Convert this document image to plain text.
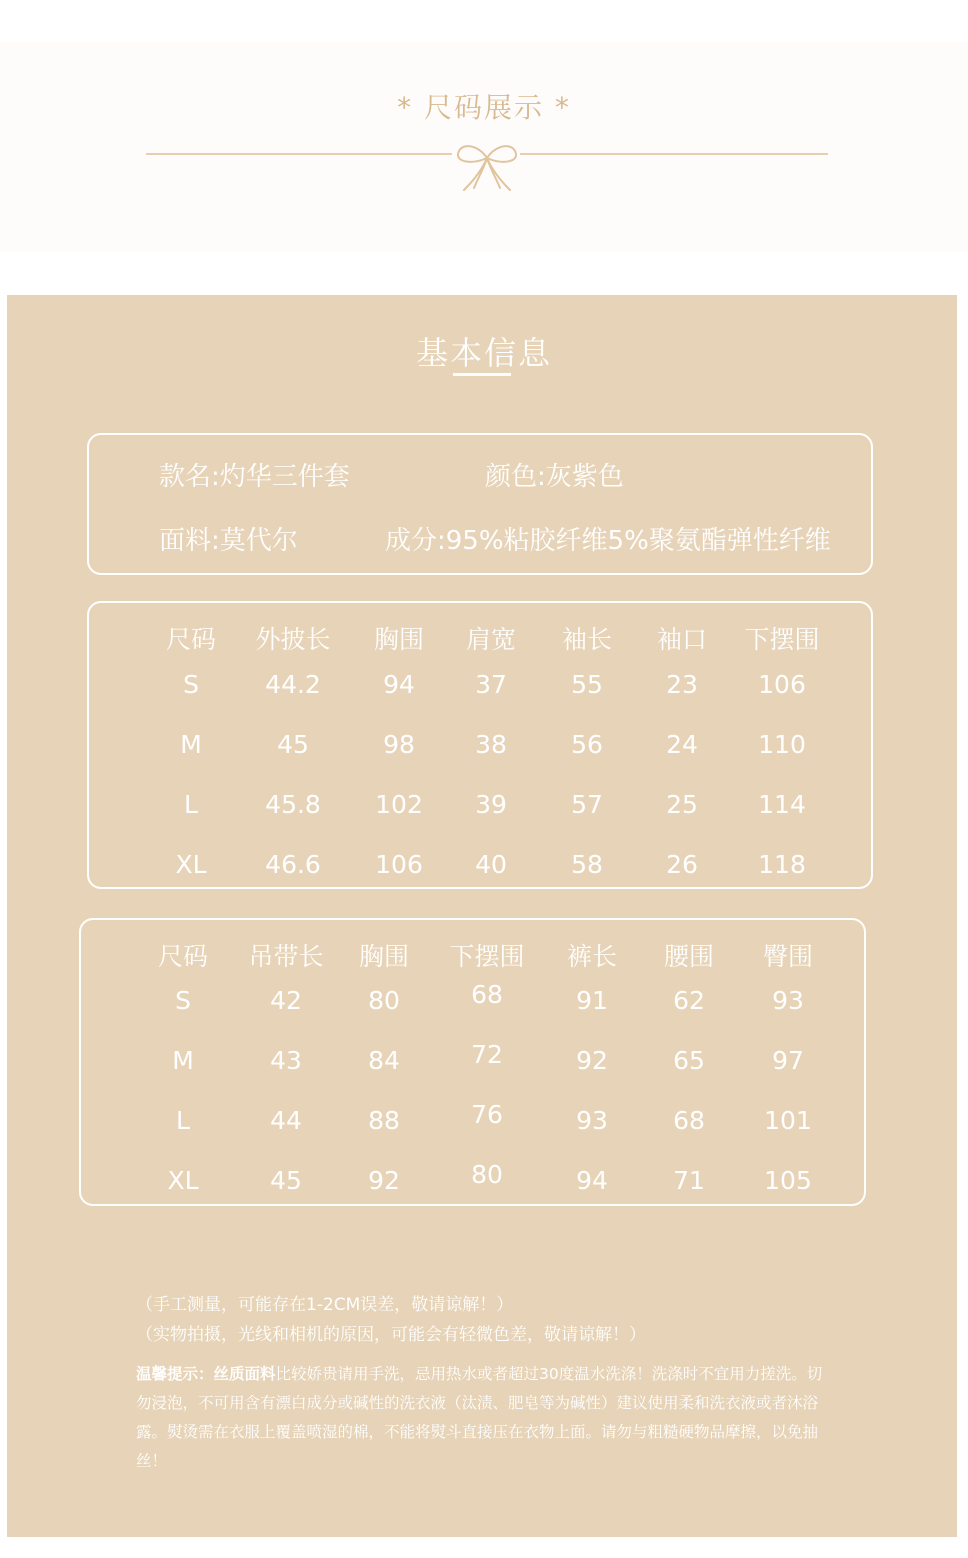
* 尺码展示 *
基本信息
款名:灼华三件套	颜色:灰紫色
面料:莫代尔	成分:95%粘胶纤维5%聚氨酯弹性纤维
（手工测量，可能存在1-2CM误差，敬请谅解！）
（实物拍摄，光线和相机的原因，可能会有轻微色差，敬请谅解！）
温馨提示：丝质面料比较娇贵请用手洗，忌用热水或者超过30度温水洗涤！洗涤时不宜用力搓洗。切勿浸泡，不可用含有漂白成分或碱性的洗衣液（汰渍、肥皂等为碱性）建议使用柔和洗衣液或者沐浴露。熨烫需在衣服上覆盖喷湿的棉，不能将熨斗直接压在衣物上面。请勿与粗糙硬物品摩擦，以免抽丝！
尺码 外披长 胸围 肩宽 袖长 袖口 下摆围
S	44.2 94 37	55	23 106
M	45	98 38	56	24 110
L	45.8 102 39	57	25 114
XL 46.6 106 40	58	26 118
尺码 吊带长 胸围 下摆围 裤长 腰围 臀围
S	42	80	68	91	62	93
M	43	84	72	92	65	97
L	44	88	76	93	68 101
XL	45	92	80	94	71 105
